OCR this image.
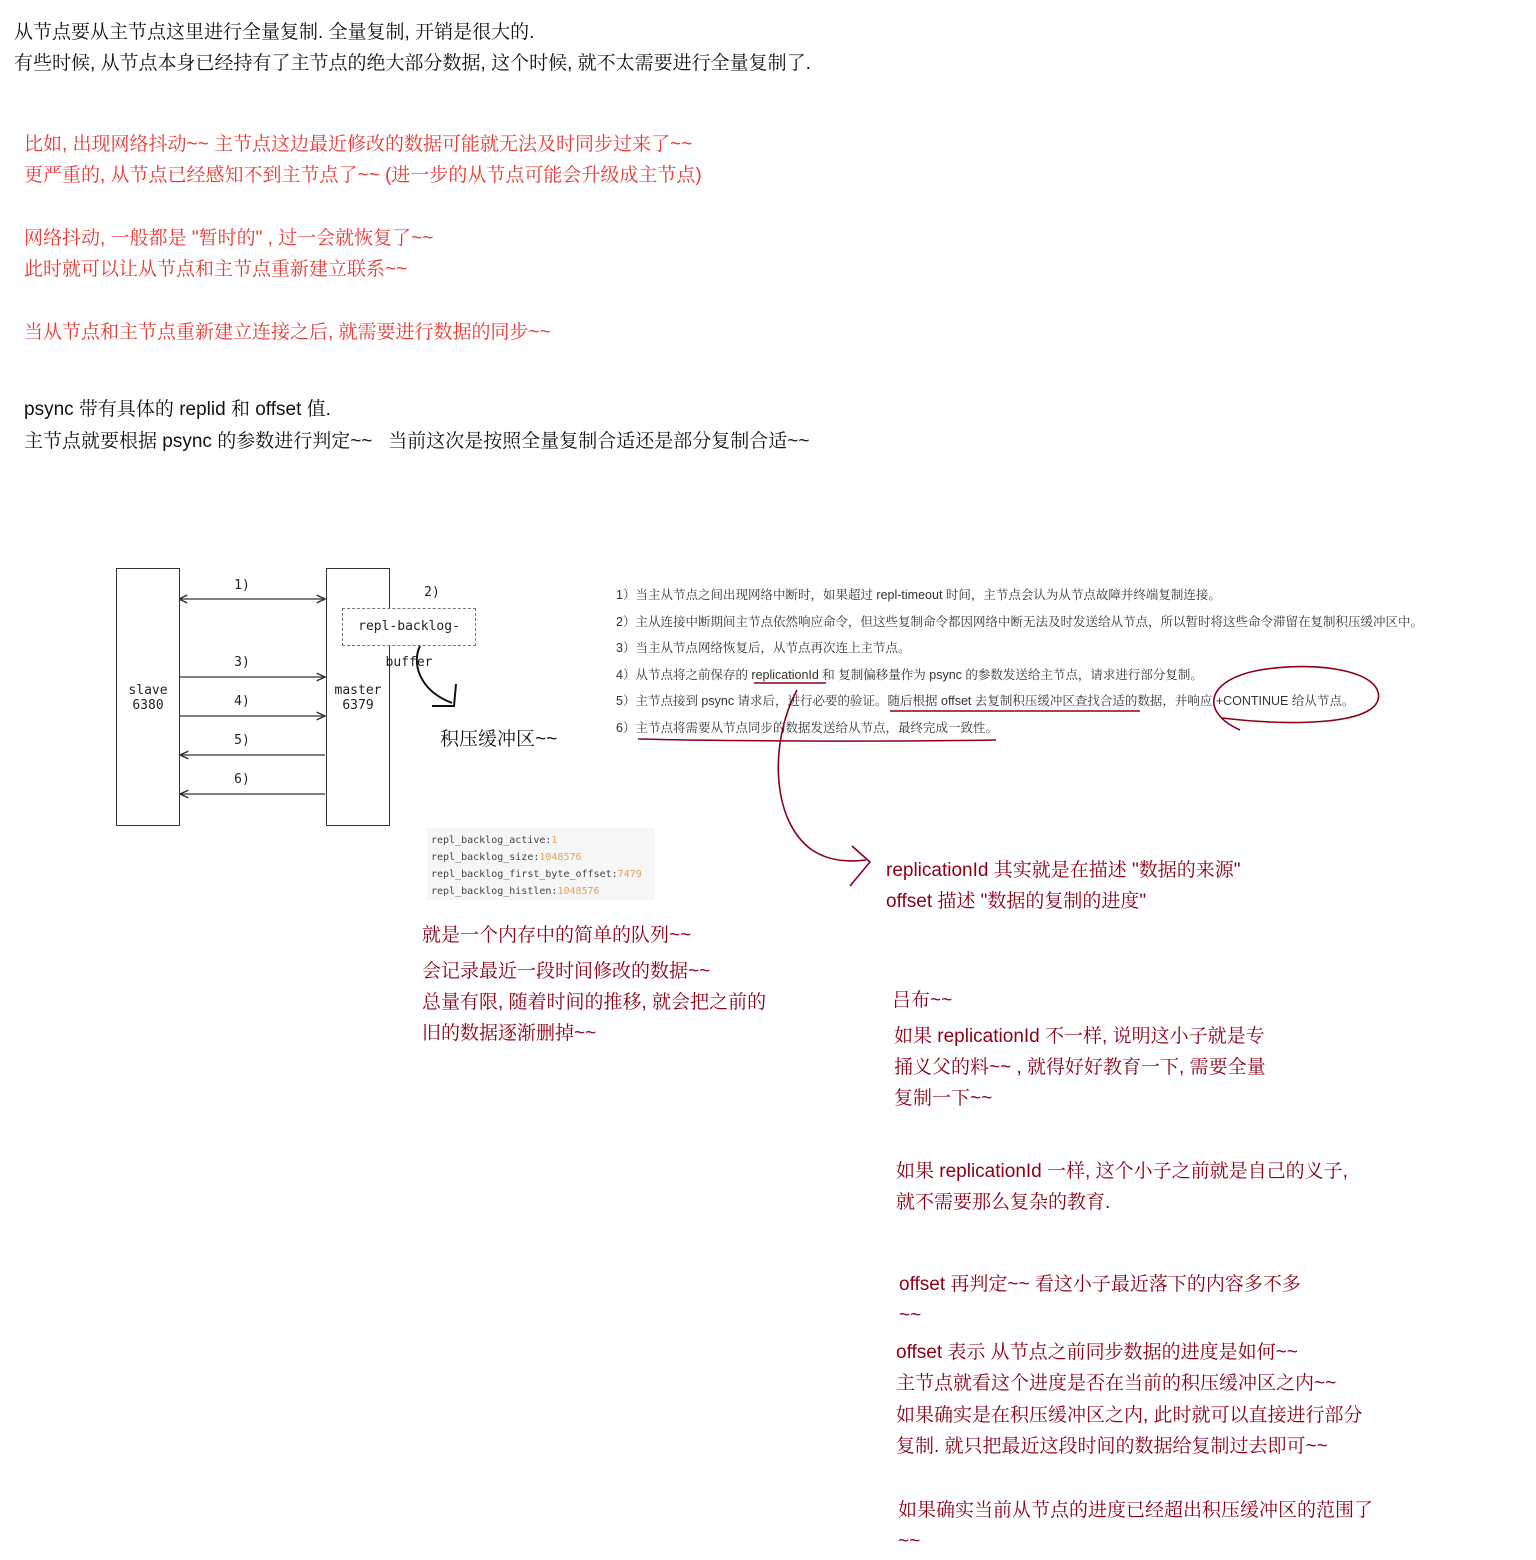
从节点要从主节点这里进行全量复制. 全量复制, 开销是很大的.
有些时候, 从节点本身已经持有了主节点的绝大部分数据, 这个时候, 就不太需要进行全量复制了.
比如, 出现网络抖动~~ 主节点这边最近修改的数据可能就无法及时同步过来了~~
更严重的, 从节点已经感知不到主节点了~~ (进一步的从节点可能会升级成主节点)
网络抖动, 一般都是 "暂时的" , 过一会就恢复了~~
此时就可以让从节点和主节点重新建立联系~~
当从节点和主节点重新建立连接之后, 就需要进行数据的同步~~
psync 带有具体的 replid 和 offset 值.
主节点就要根据 psync 的参数进行判定~~   当前这次是按照全量复制合适还是部分复制合适~~
slave
6380
master
6379
repl-backlog-buffer
1)	2)
3)
4)
5)
6)
积压缓冲区~~
repl_backlog_active:1
repl_backlog_size:1048576
repl_backlog_first_byte_offset:7479
repl_backlog_histlen:1048576
1）当主从节点之间出现网络中断时，如果超过 repl-timeout 时间，主节点会认为从节点故障并终端复制连接。
2）主从连接中断期间主节点依然响应命令，但这些复制命令都因网络中断无法及时发送给从节点，所以暂时将这些命令滞留在复制积压缓冲区中。
3）当主从节点网络恢复后，从节点再次连上主节点。
4）从节点将之前保存的 replicationId 和 复制偏移量作为 psync 的参数发送给主节点，请求进行部分复制。
5）主节点接到 psync 请求后，进行必要的验证。随后根据 offset 去复制积压缓冲区查找合适的数据，并响应 +CONTINUE 给从节点。
6）主节点将需要从节点同步的数据发送给从节点，最终完成一致性。
就是一个内存中的简单的队列~~
会记录最近一段时间修改的数据~~
总量有限, 随着时间的推移, 就会把之前的
旧的数据逐渐删掉~~
replicationId 其实就是在描述 "数据的来源"
offset 描述 "数据的复制的进度"
吕布~~
如果 replicationId 不一样, 说明这小子就是专
捅义父的料~~ , 就得好好教育一下, 需要全量
复制一下~~
如果 replicationId 一样, 这个小子之前就是自己的义子,
就不需要那么复杂的教育.
offset 再判定~~ 看这小子最近落下的内容多不多
~~
offset 表示 从节点之前同步数据的进度是如何~~
主节点就看这个进度是否在当前的积压缓冲区之内~~
如果确实是在积压缓冲区之内, 此时就可以直接进行部分
复制. 就只把最近这段时间的数据给复制过去即可~~
如果确实当前从节点的进度已经超出积压缓冲区的范围了
~~
